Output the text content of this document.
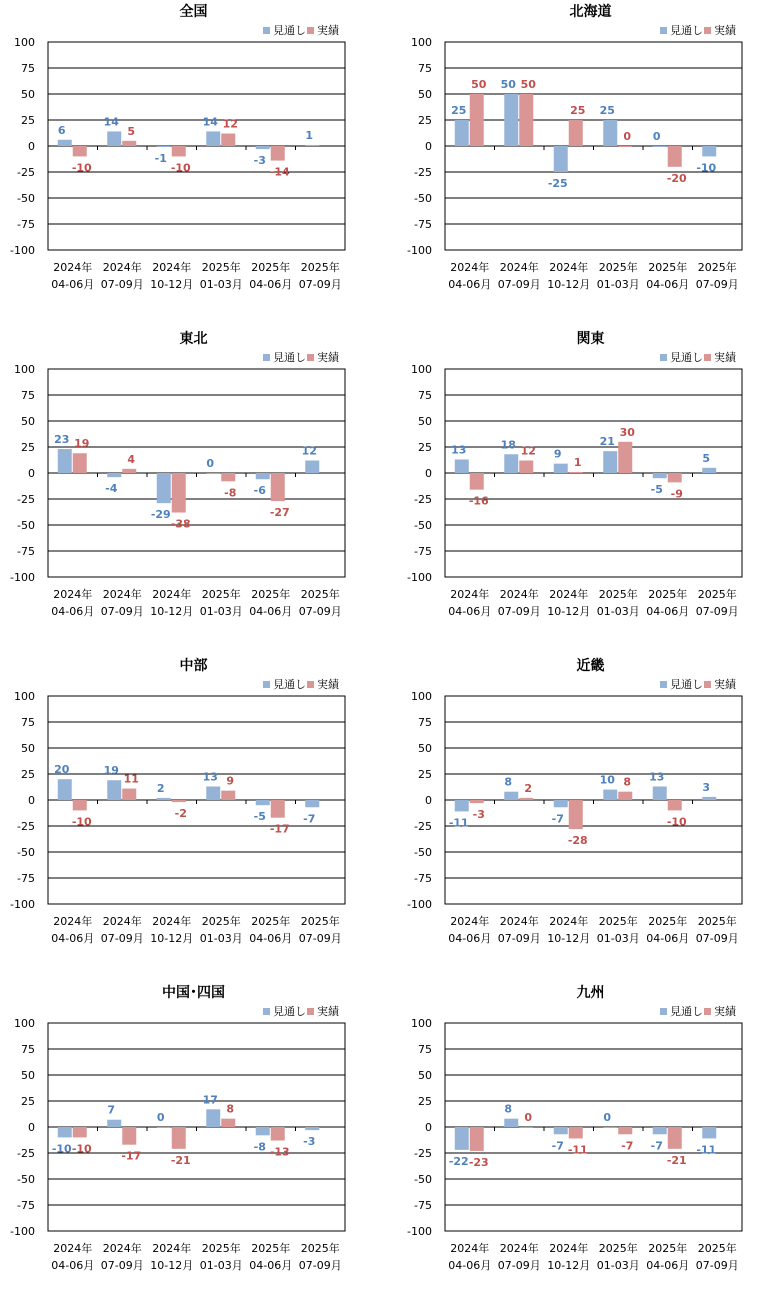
全国
見通し 実績
100
75
50
25
0
-25
-50
-75
-100
6
-10
2024年
04-06月
14
5
2024年
07-09月
-1
-10
2024年
10-12月
14 12
2025年
01-03月
-3
-14
2025年
04-06月
1
2025年
07-09月
北海道
見通し 実績
100
75
50
25
0
-25
-50
-75
-100
25
50
2024年
04-06月
50 50
2024年
07-09月
-25
25
2024年
10-12月
25
0
2025年
01-03月
0
-20
2025年
04-06月
-10
2025年
07-09月
東北
見通し 実績
100
75
50
25
0
-25
-50
-75
-100
23 19
2024年
04-06月
-4
4
2024年
07-09月
-29
-38
2024年
10-12月
0
-8
2025年
01-03月
-6
-27
2025年
04-06月
12
2025年
07-09月
関東
見通し 実績
100
75
50
25
0
-25
-50
-75
-100
13
-16
2024年
04-06月
18 12
2024年
07-09月
9
1
2024年
10-12月
21
30
2025年
01-03月
-5 -9
2025年
04-06月
5
2025年
07-09月
中部
見通し 実績
100
75
50
25
0
-25
-50
-75
-100
20
-10
2024年
04-06月
19
11
2024年
07-09月
2
-2
2024年
10-12月
13 9
2025年
01-03月
-5
-17
2025年
04-06月
-7
2025年
07-09月
近畿
見通し 実績
100
75
50
25
0
-25
-50
-75
-100
-11
-3
2024年
04-06月
8 2
2024年
07-09月
-7
-28
2024年
10-12月
10 8
2025年
01-03月
13
-10
2025年
04-06月
3
2025年
07-09月
中国･四国
見通し 実績
100
75
50
25
0
-25
-50
-75
-100
-10 -10
2024年
04-06月
7
-17
2024年
07-09月
0
-21
2024年
10-12月
17
8
2025年
01-03月
-8 -13
2025年
04-06月
-3
2025年
07-09月
九州
見通し 実績
100
75
50
25
0
-25
-50
-75
-100
-22 -23
2024年
04-06月
8
0
2024年
07-09月
-7 -11
2024年
10-12月
0
-7
2025年
01-03月
-7
-21
2025年
04-06月
-11
2025年
07-09月
